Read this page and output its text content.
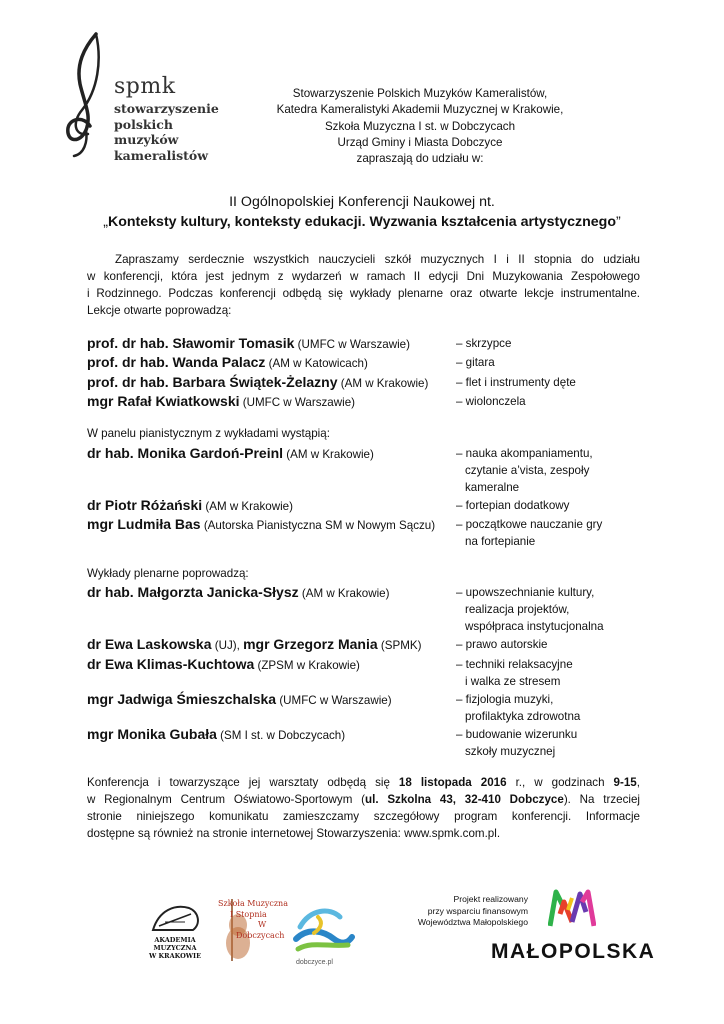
spmk
stowarzyszenie
polskich
muzyków
kameralistów
Stowarzyszenie Polskich Muzyków Kameralistów,
Katedra Kameralistyki Akademii Muzycznej w Krakowie,
Szkoła Muzyczna I st. w Dobczycach
Urząd Gminy i Miasta Dobczyce
zapraszają do udziału w:
II Ogólnopolskiej Konferencji Naukowej nt.
„Konteksty kultury, konteksty edukacji. Wyzwania kształcenia artystycznego”
Zapraszamy serdecznie wszystkich nauczycieli szkół muzycznych I i II stopnia do udziału
w konferencji, która jest jednym z wydarzeń w ramach II edycji Dni Muzykowania Zespołowego
i Rodzinnego. Podczas konferencji odbędą się wykłady plenarne oraz otwarte lekcje instrumentalne.
Lekcje otwarte poprowadzą:
prof. dr hab. Sławomir Tomasik (UMFC w Warszawie)	– skrzypce
prof. dr hab. Wanda Palacz (AM w Katowicach)	– gitara
prof. dr hab. Barbara Świątek-Żelazny (AM w Krakowie) – flet i instrumenty dęte
mgr Rafał Kwiatkowski (UMFC w Warszawie)	– wiolonczela
W panelu pianistycznym z wykładami wystąpią:
dr hab. Monika Gardoń-Preinl (AM w Krakowie)	– nauka akompaniamentu,
czytanie a’vista, zespoły
kameralne
dr Piotr Różański (AM w Krakowie)	– fortepian dodatkowy
mgr Ludmiła Bas (Autorska Pianistyczna SM w Nowym Sączu) – początkowe nauczanie gry
na fortepianie
Wykłady plenarne poprowadzą:
dr hab. Małgorzta Janicka-Słysz (AM w Krakowie)	– upowszechnianie kultury,
realizacja projektów,
współpraca instytucjonalna
dr Ewa Laskowska (UJ), mgr Grzegorz Mania (SPMK)	– prawo autorskie
dr Ewa Klimas-Kuchtowa (ZPSM w Krakowie)	– techniki relaksacyjne
i walka ze stresem
mgr Jadwiga Śmieszchalska (UMFC w Warszawie)	– fizjologia muzyki,
profilaktyka zdrowotna
mgr Monika Gubała (SM I st. w Dobczycach)	– budowanie wizerunku
szkoły muzycznej
Konferencja i towarzyszące jej warsztaty odbędą się 18 listopada 2016 r., w godzinach 9-15,
w Regionalnym Centrum Oświatowo-Sportowym (ul. Szkolna 43, 32-410 Dobczyce). Na trzeciej
stronie niniejszego komunikatu zamieszczamy szczegółowy program konferencji. Informacje
dostępne są również na stronie internetowej Stowarzyszenia: www.spmk.com.pl.
AKADEMIA
MUZYCZNA
W KRAKOWIE
Szkoła Muzyczna
I Stopnia
W
Dobczycach
dobczyce.pl
Projekt realizowany
przy wsparciu finansowym
Województwa Małopolskiego
MAŁOPOLSKA
